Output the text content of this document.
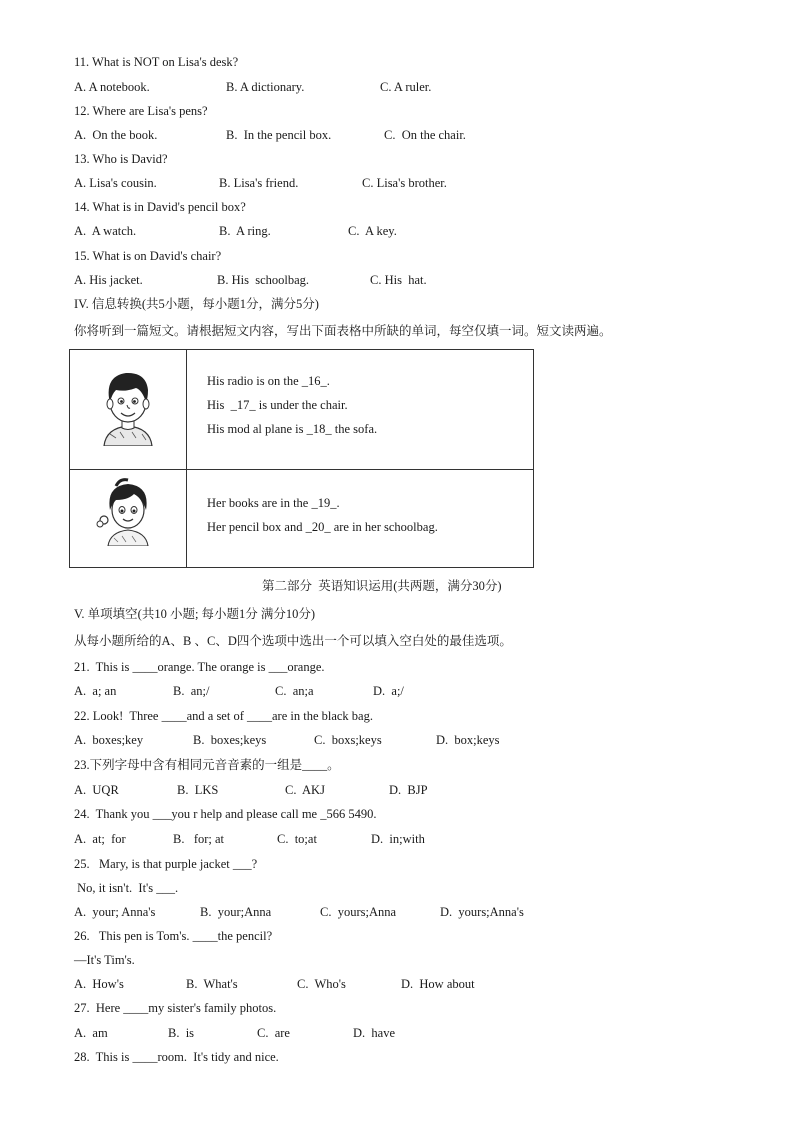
11. What is NOT on Lisa's desk?
A. A notebook.	B. A dictionary.	C. A ruler.
12. Where are Lisa's pens?
A.  On the book.	B.  In the pencil box.	C.  On the chair.
13. Who is David?
A. Lisa's cousin.	B. Lisa's friend.	C. Lisa's brother.
14. What is in David's pencil box?
A.  A watch.	B.  A ring.	C.  A key.
15. What is on David's chair?
A. His jacket.	B. His  schoolbag.	C. His  hat.
IV. 信息转换(共5小题，每小题1分，满分5分)
你将听到一篇短文。请根据短文内容，写出下面表格中所缺的单词，每空仅填一词。短文读两遍。
His radio is on the _16_.
His  _17_ is under the chair.
His mod al plane is _18_ the sofa.
Her books are in the _19_.
Her pencil box and _20_ are in her schoolbag.
第二部分  英语知识运用(共两题，满分30分)
V. 单项填空(共10 小题; 每小题1分 满分10分)
从每小题所给的A、B 、C、D四个选项中选出一个可以填入空白处的最佳选项。
21.  This is ____orange. The orange is ___orange.
A.  a; an	B.  an;/	C.  an;a	D.  a;/
22. Look!  Three ____and a set of ____are in the black bag.
A.  boxes;key	B.  boxes;keys	C.  boxs;keys	D.  box;keys
23.下列字母中含有相同元音音素的一组是____。
A.  UQR	B.  LKS	C.  AKJ	D.  BJP
24.  Thank you ___you r help and please call me _566 5490.
A.  at;  for	B.   for; at	C.  to;at	D.  in;with
25.   Mary, is that purple jacket ___?
No, it isn't.  It's ___.
A.  your; Anna's	B.  your;Anna	C.  yours;Anna	D.  yours;Anna's
26.   This pen is Tom's. ____the pencil?
—It's Tim's.
A.  How's	B.  What's	C.  Who's	D.  How about
27.  Here ____my sister's family photos.
A.  am	B.  is	C.  are	D.  have
28.  This is ____room.  It's tidy and nice.
